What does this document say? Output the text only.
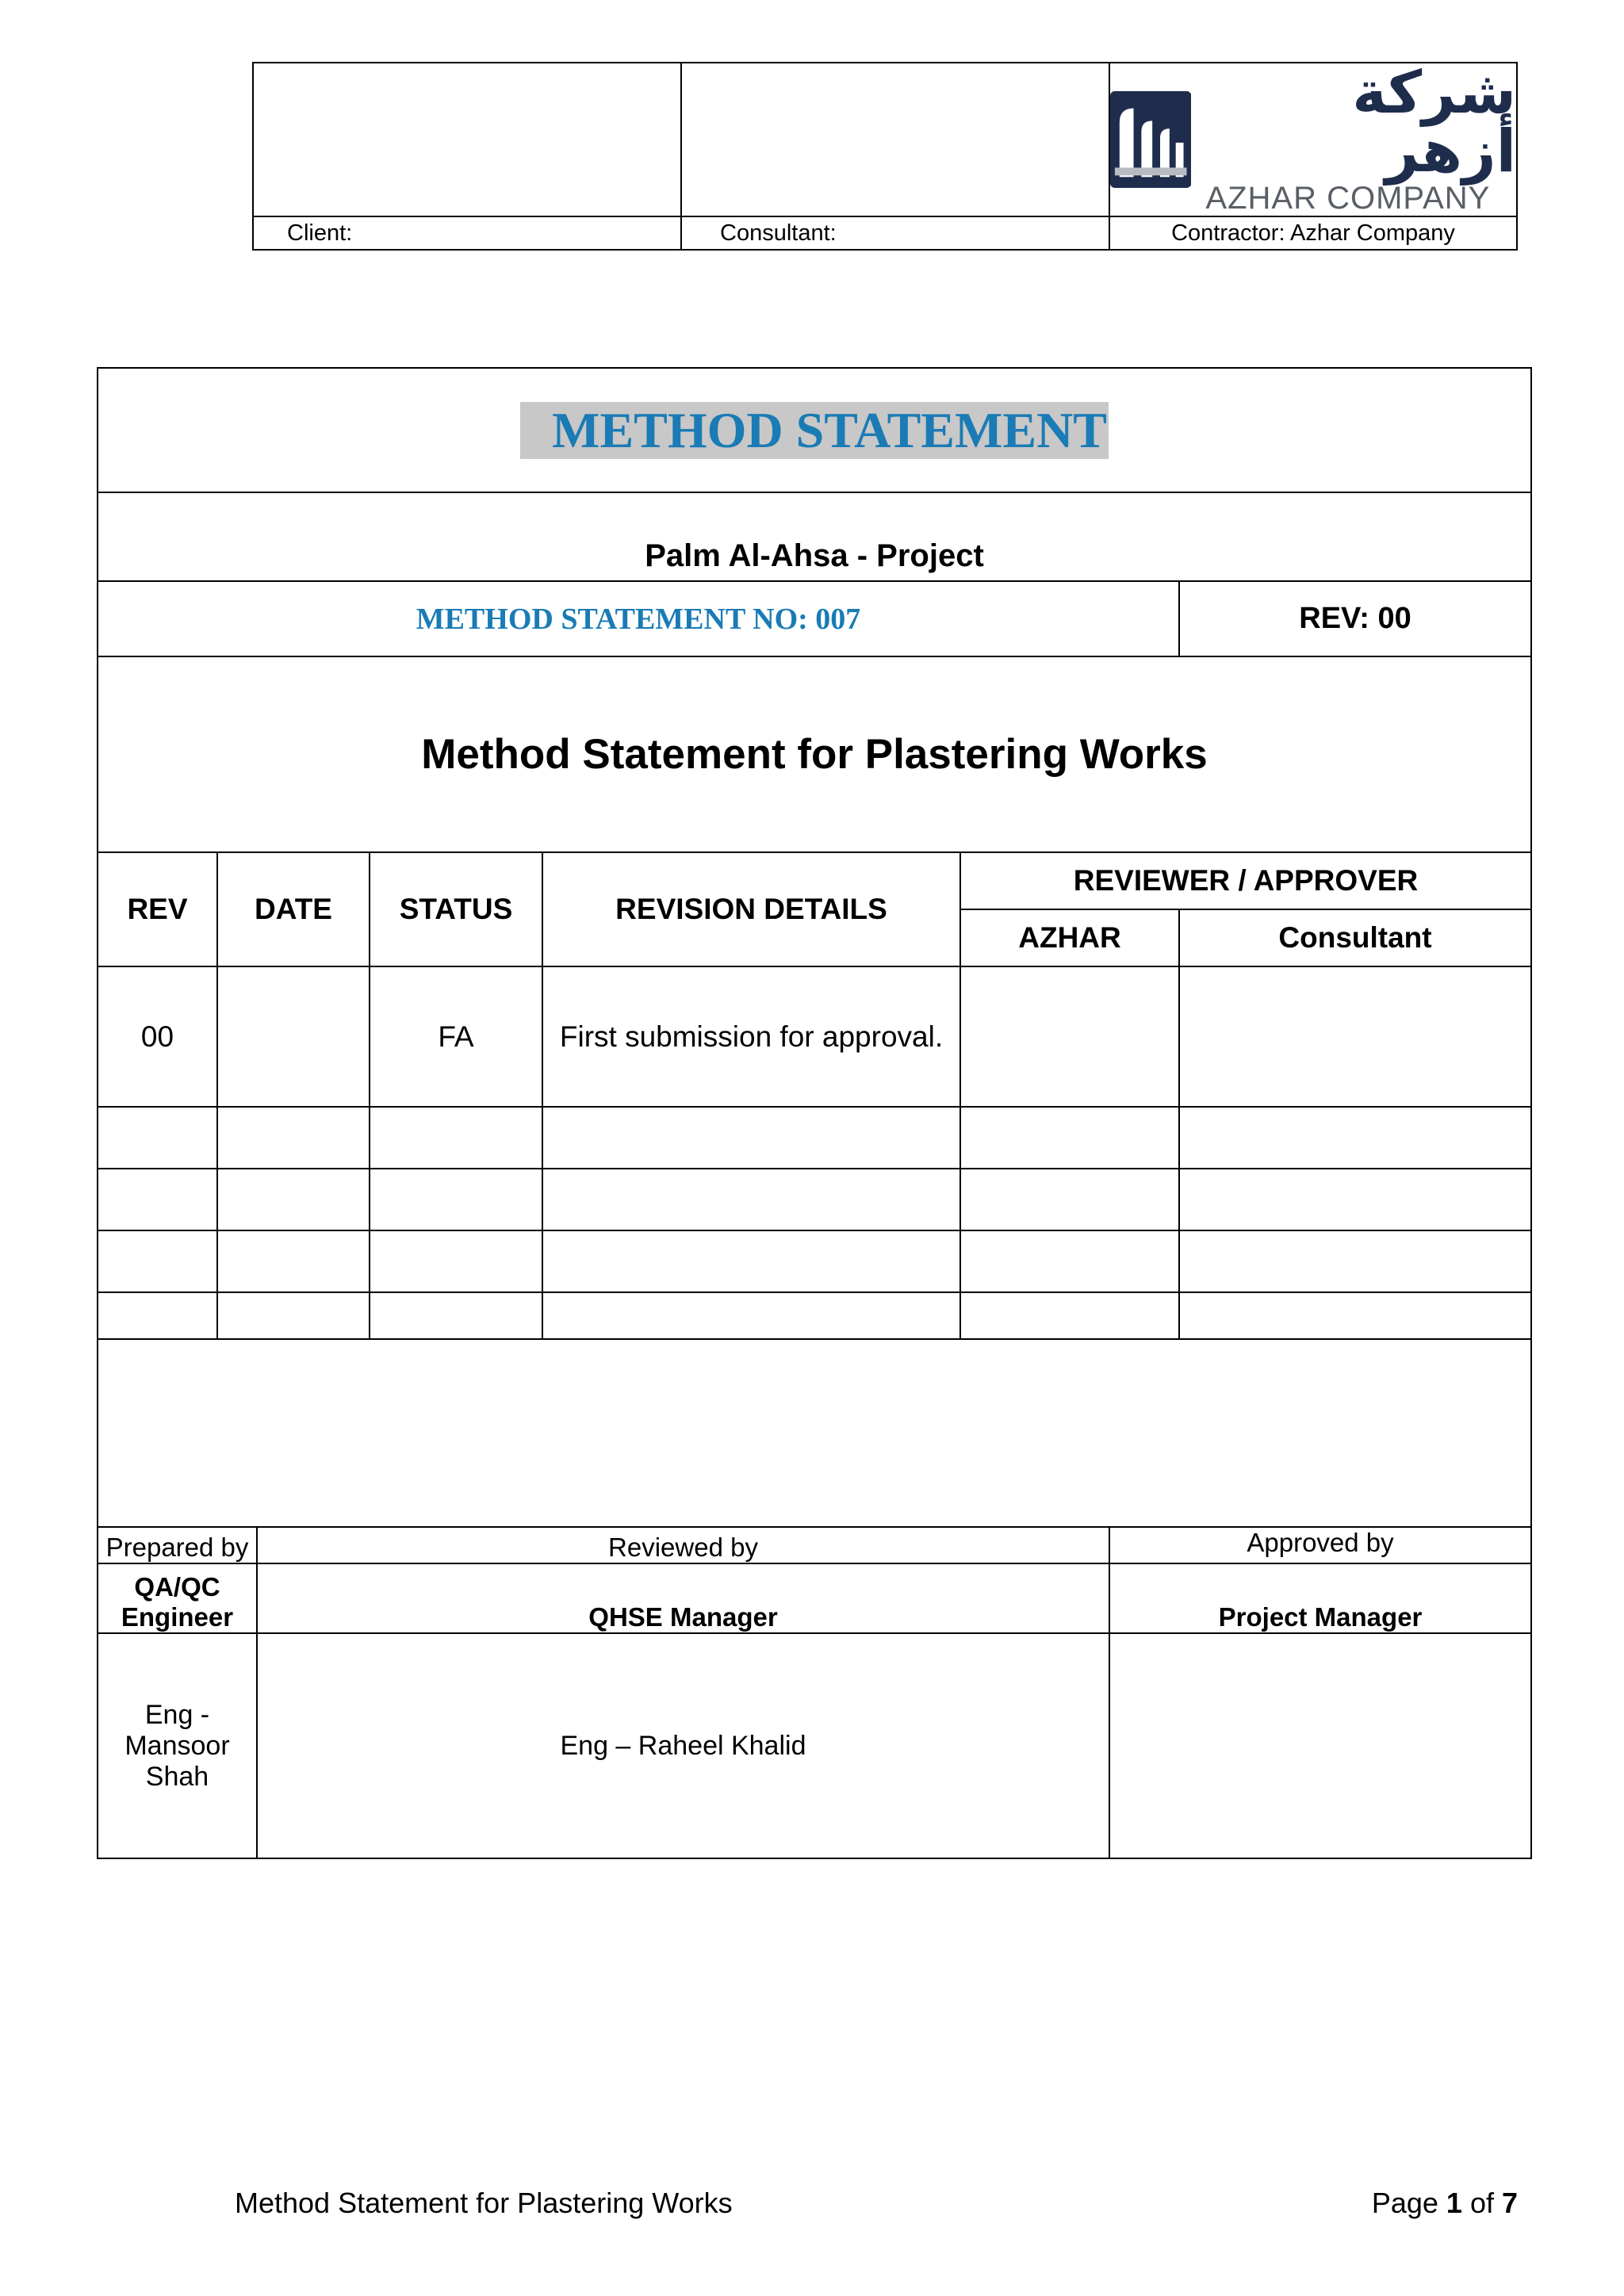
		شركة أزهر
AZHAR COMPANY

Client:	Consultant:	Contractor: Azhar Company
METHOD STATEMENT							
Palm Al-Ahsa - Project							
METHOD STATEMENT NO: 007							REV: 00
Method Statement for Plastering Works							
REV	DATE		STATUS	REVISION DETAILS	REVIEWER / APPROVER		
					AZHAR		Consultant
00			FA	First submission for approval.			

Prepared by		Reviewed by				Approved by	
QA/QC Engineer		QHSE Manager				Project Manager	
Eng - Mansoor Shah		Eng – Raheel Khalid					
Method Statement for Plastering Works	Page 1 of 7
